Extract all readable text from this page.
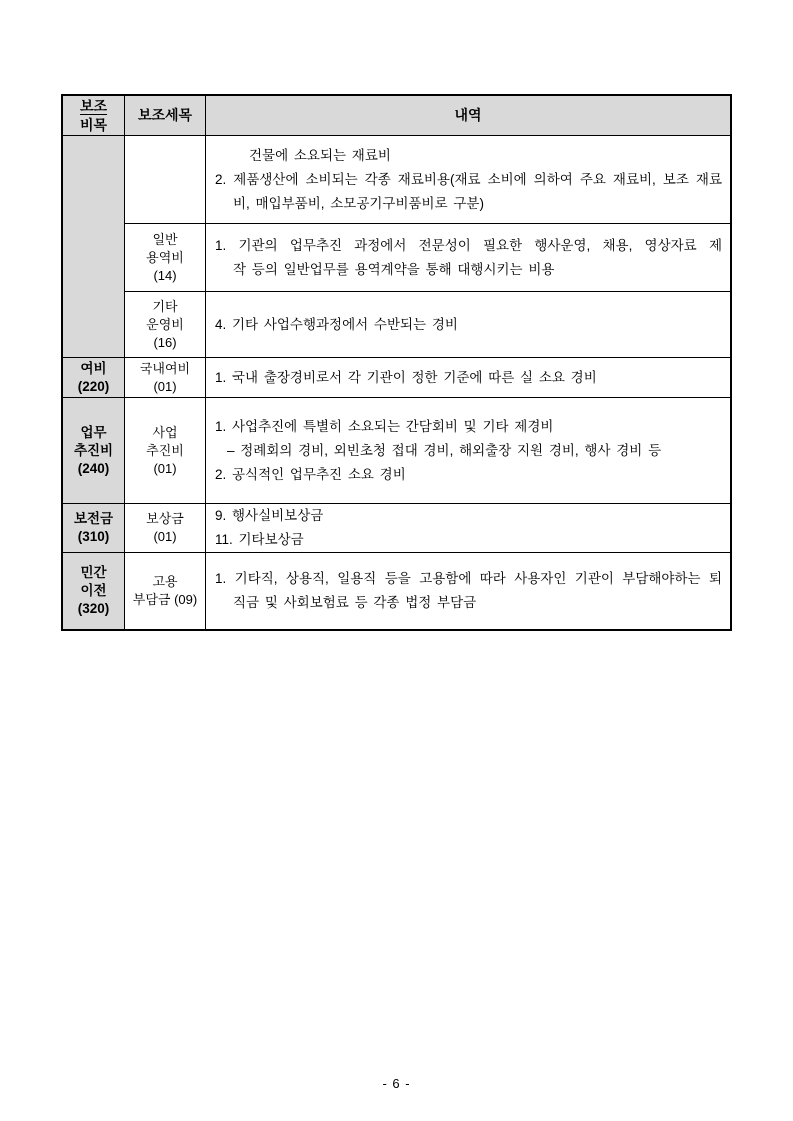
보조
비목
보조세목	내역
건물에 소요되는 재료비
2. 제품생산에 소비되는 각종 재료비용(재료 소비에 의하여 주요 재료비, 보조 재료
비, 매입부품비, 소모공기구비품비로 구분)
일반
용역비
(14)
1. 기관의 업무추진 과정에서 전문성이 필요한 행사운영, 채용, 영상자료 제
작 등의 일반업무를 용역계약을 통해 대행시키는 비용
기타
운영비
(16)
4. 기타 사업수행과정에서 수반되는 경비
여비
(220)
국내여비
(01)
1. 국내 출장경비로서 각 기관이 정한 기준에 따른 실 소요 경비
업무
추진비
(240)
사업
추진비
(01)
1. 사업추진에 특별히 소요되는 간담회비 및 기타 제경비
– 정례회의 경비, 외빈초청 접대 경비, 해외출장 지원 경비, 행사 경비 등
2. 공식적인 업무추진 소요 경비
보전금
(310)
보상금
(01)
9. 행사실비보상금
11. 기타보상금
민간
이전
(320)
고용
부담금 (09)
1. 기타직, 상용직, 일용직 등을 고용함에 따라 사용자인 기관이 부담해야하는 퇴
직금 및 사회보험료 등 각종 법정 부담금
- 6 -
